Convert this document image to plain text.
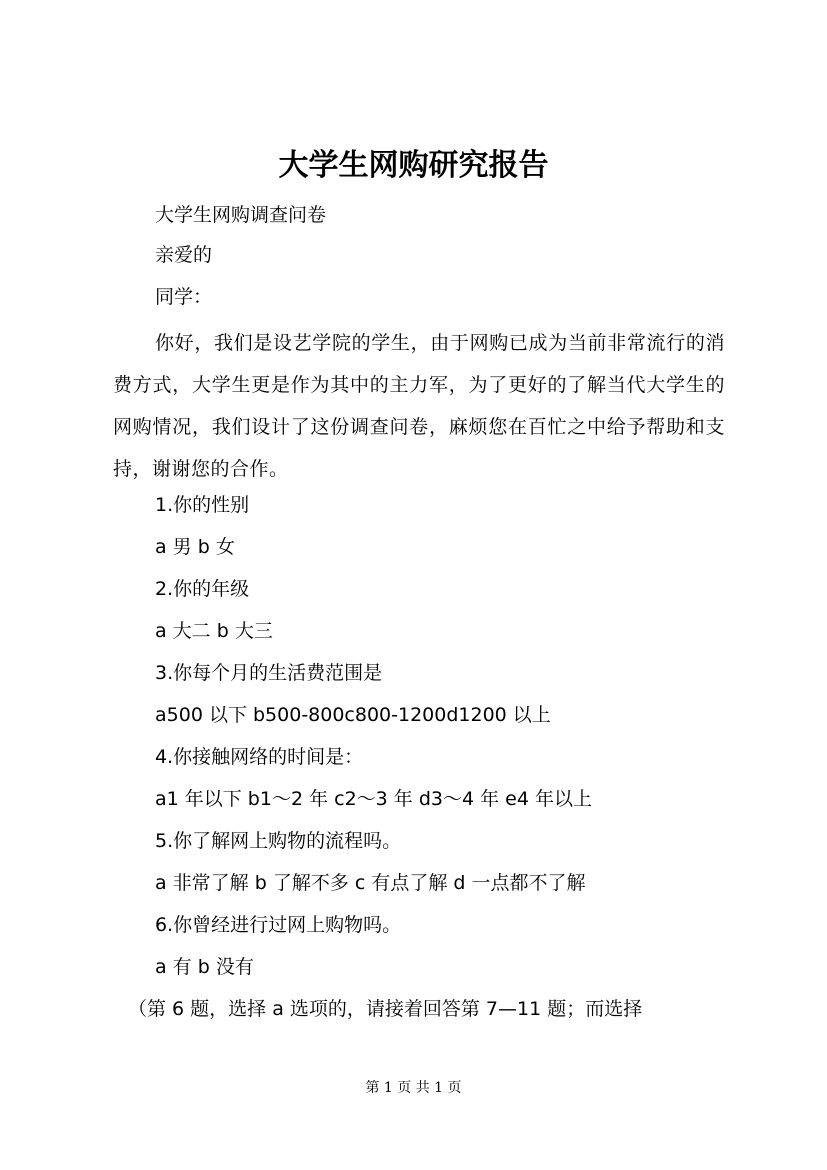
大学生网购研究报告
大学生网购调查问卷
亲爱的
同学：
你好，我们是设艺学院的学生，由于网购已成为当前非常流行的消费方式，大学生更是作为其中的主力军，为了更好的了解当代大学生的网购情况，我们设计了这份调查问卷，麻烦您在百忙之中给予帮助和支持，谢谢您的合作。
1.你的性别
a 男 b 女
2.你的年级
a 大二 b 大三
3.你每个月的生活费范围是
a500 以下 b500-800c800-1200d1200 以上
4.你接触网络的时间是：
a1 年以下 b1～2 年 c2～3 年 d3～4 年 e4 年以上
5.你了解网上购物的流程吗。
a 非常了解 b 了解不多 c 有点了解 d 一点都不了解
6.你曾经进行过网上购物吗。
a 有 b 没有
（第 6 题，选择 a 选项的，请接着回答第 7—11 题；而选择
第 1 页 共 1 页
